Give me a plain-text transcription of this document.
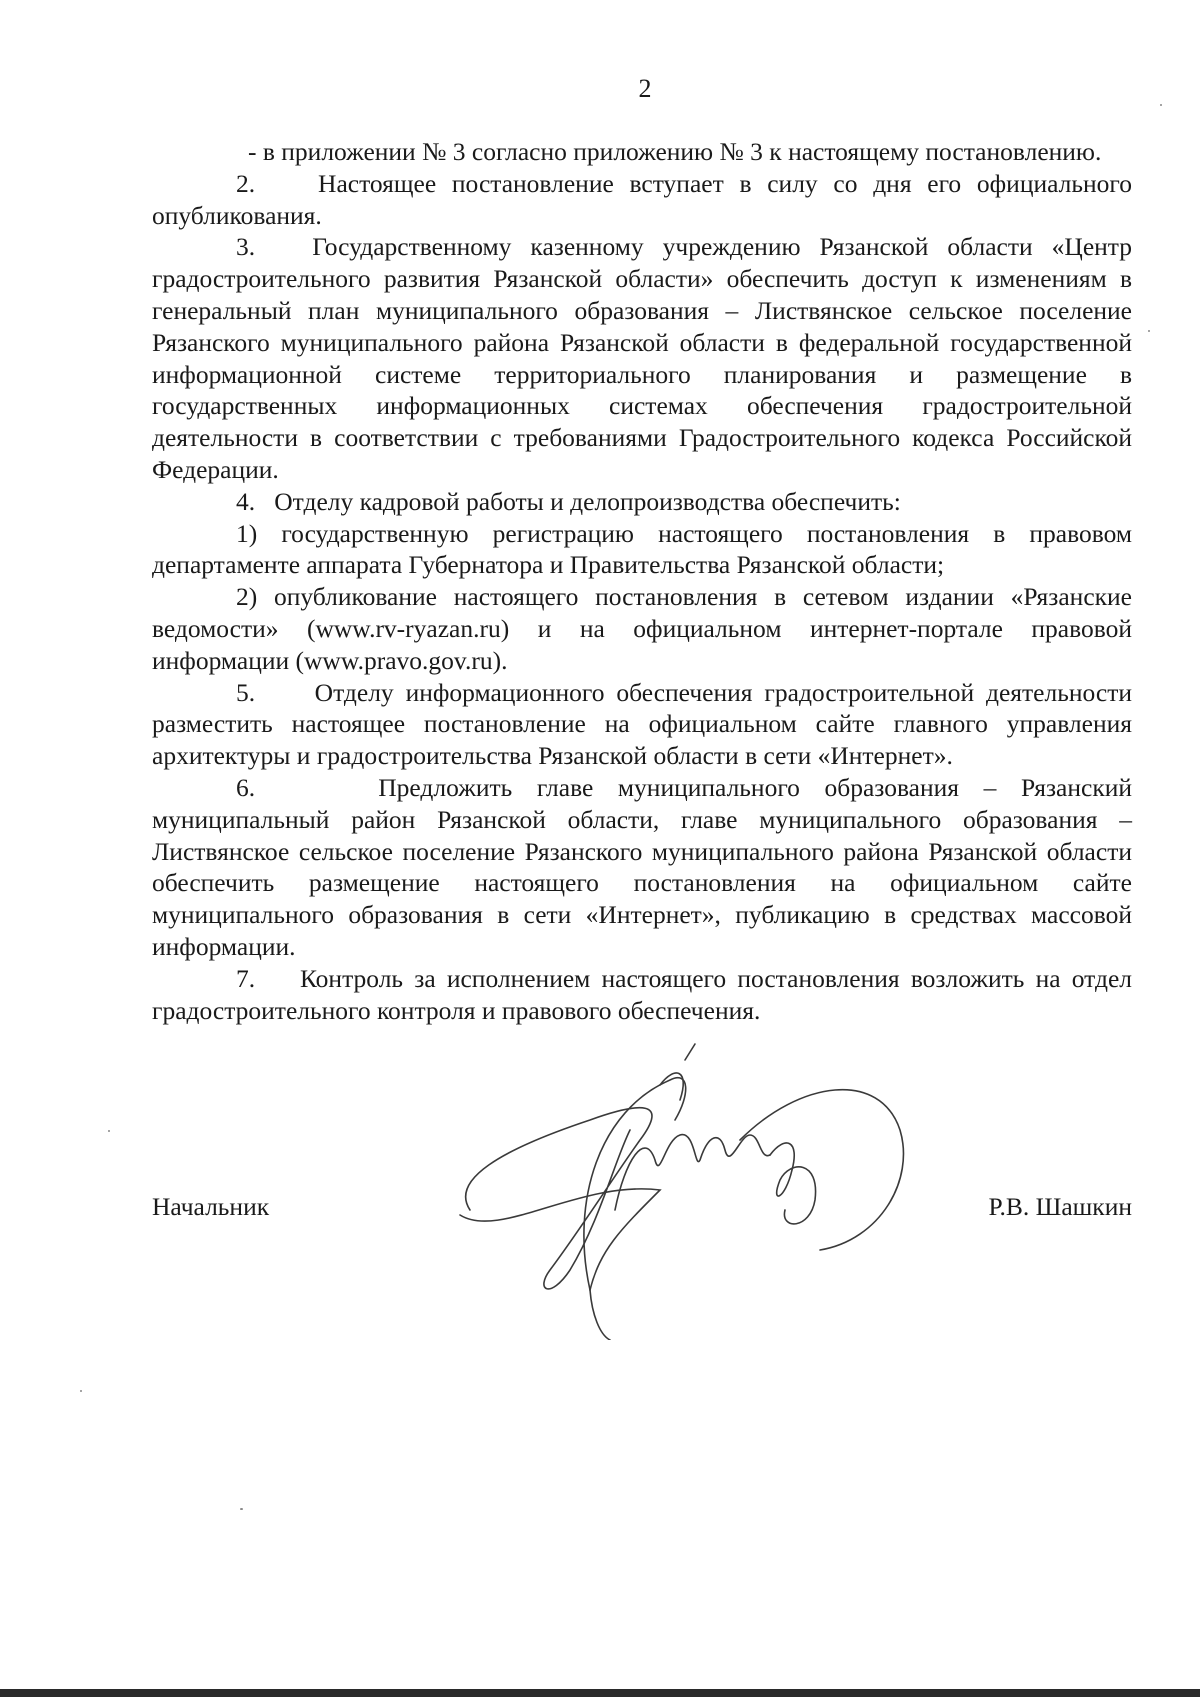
2

- в приложении № 3 согласно приложению № 3 к настоящему постановлению.

2.    Настоящее постановление вступает в силу со дня его официального опубликования.

3.   Государственному казенному учреждению Рязанской области «Центр градостроительного развития Рязанской области» обеспечить доступ к изменениям в генеральный план муниципального образования – Листвянское сельское поселение Рязанского муниципального района Рязанской области в федеральной государственной информационной системе территориального планирования и размещение в государственных информационных системах обеспечения градостроительной деятельности в соответствии с требованиями Градостроительного кодекса Российской Федерации.

4.   Отделу кадровой работы и делопроизводства обеспечить:

1) государственную регистрацию настоящего постановления в правовом департаменте аппарата Губернатора и Правительства Рязанской области;

2) опубликование настоящего постановления в сетевом издании «Рязанские ведомости» (www.rv-ryazan.ru) и на официальном интернет-портале правовой информации (www.pravo.gov.ru).

5.     Отделу информационного обеспечения градостроительной деятельности разместить настоящее постановление на официальном сайте главного управления архитектуры и градостроительства Рязанской области в сети «Интернет».

6.     Предложить главе муниципального образования – Рязанский муниципальный район Рязанской области, главе муниципального образования – Листвянское сельское поселение Рязанского муниципального района Рязанской области обеспечить размещение настоящего постановления на официальном сайте муниципального образования в сети «Интернет», публикацию в средствах массовой информации.

7.    Контроль за исполнением настоящего постановления возложить на отдел градостроительного контроля и правового обеспечения.

Начальник	Р.В. Шашкин
